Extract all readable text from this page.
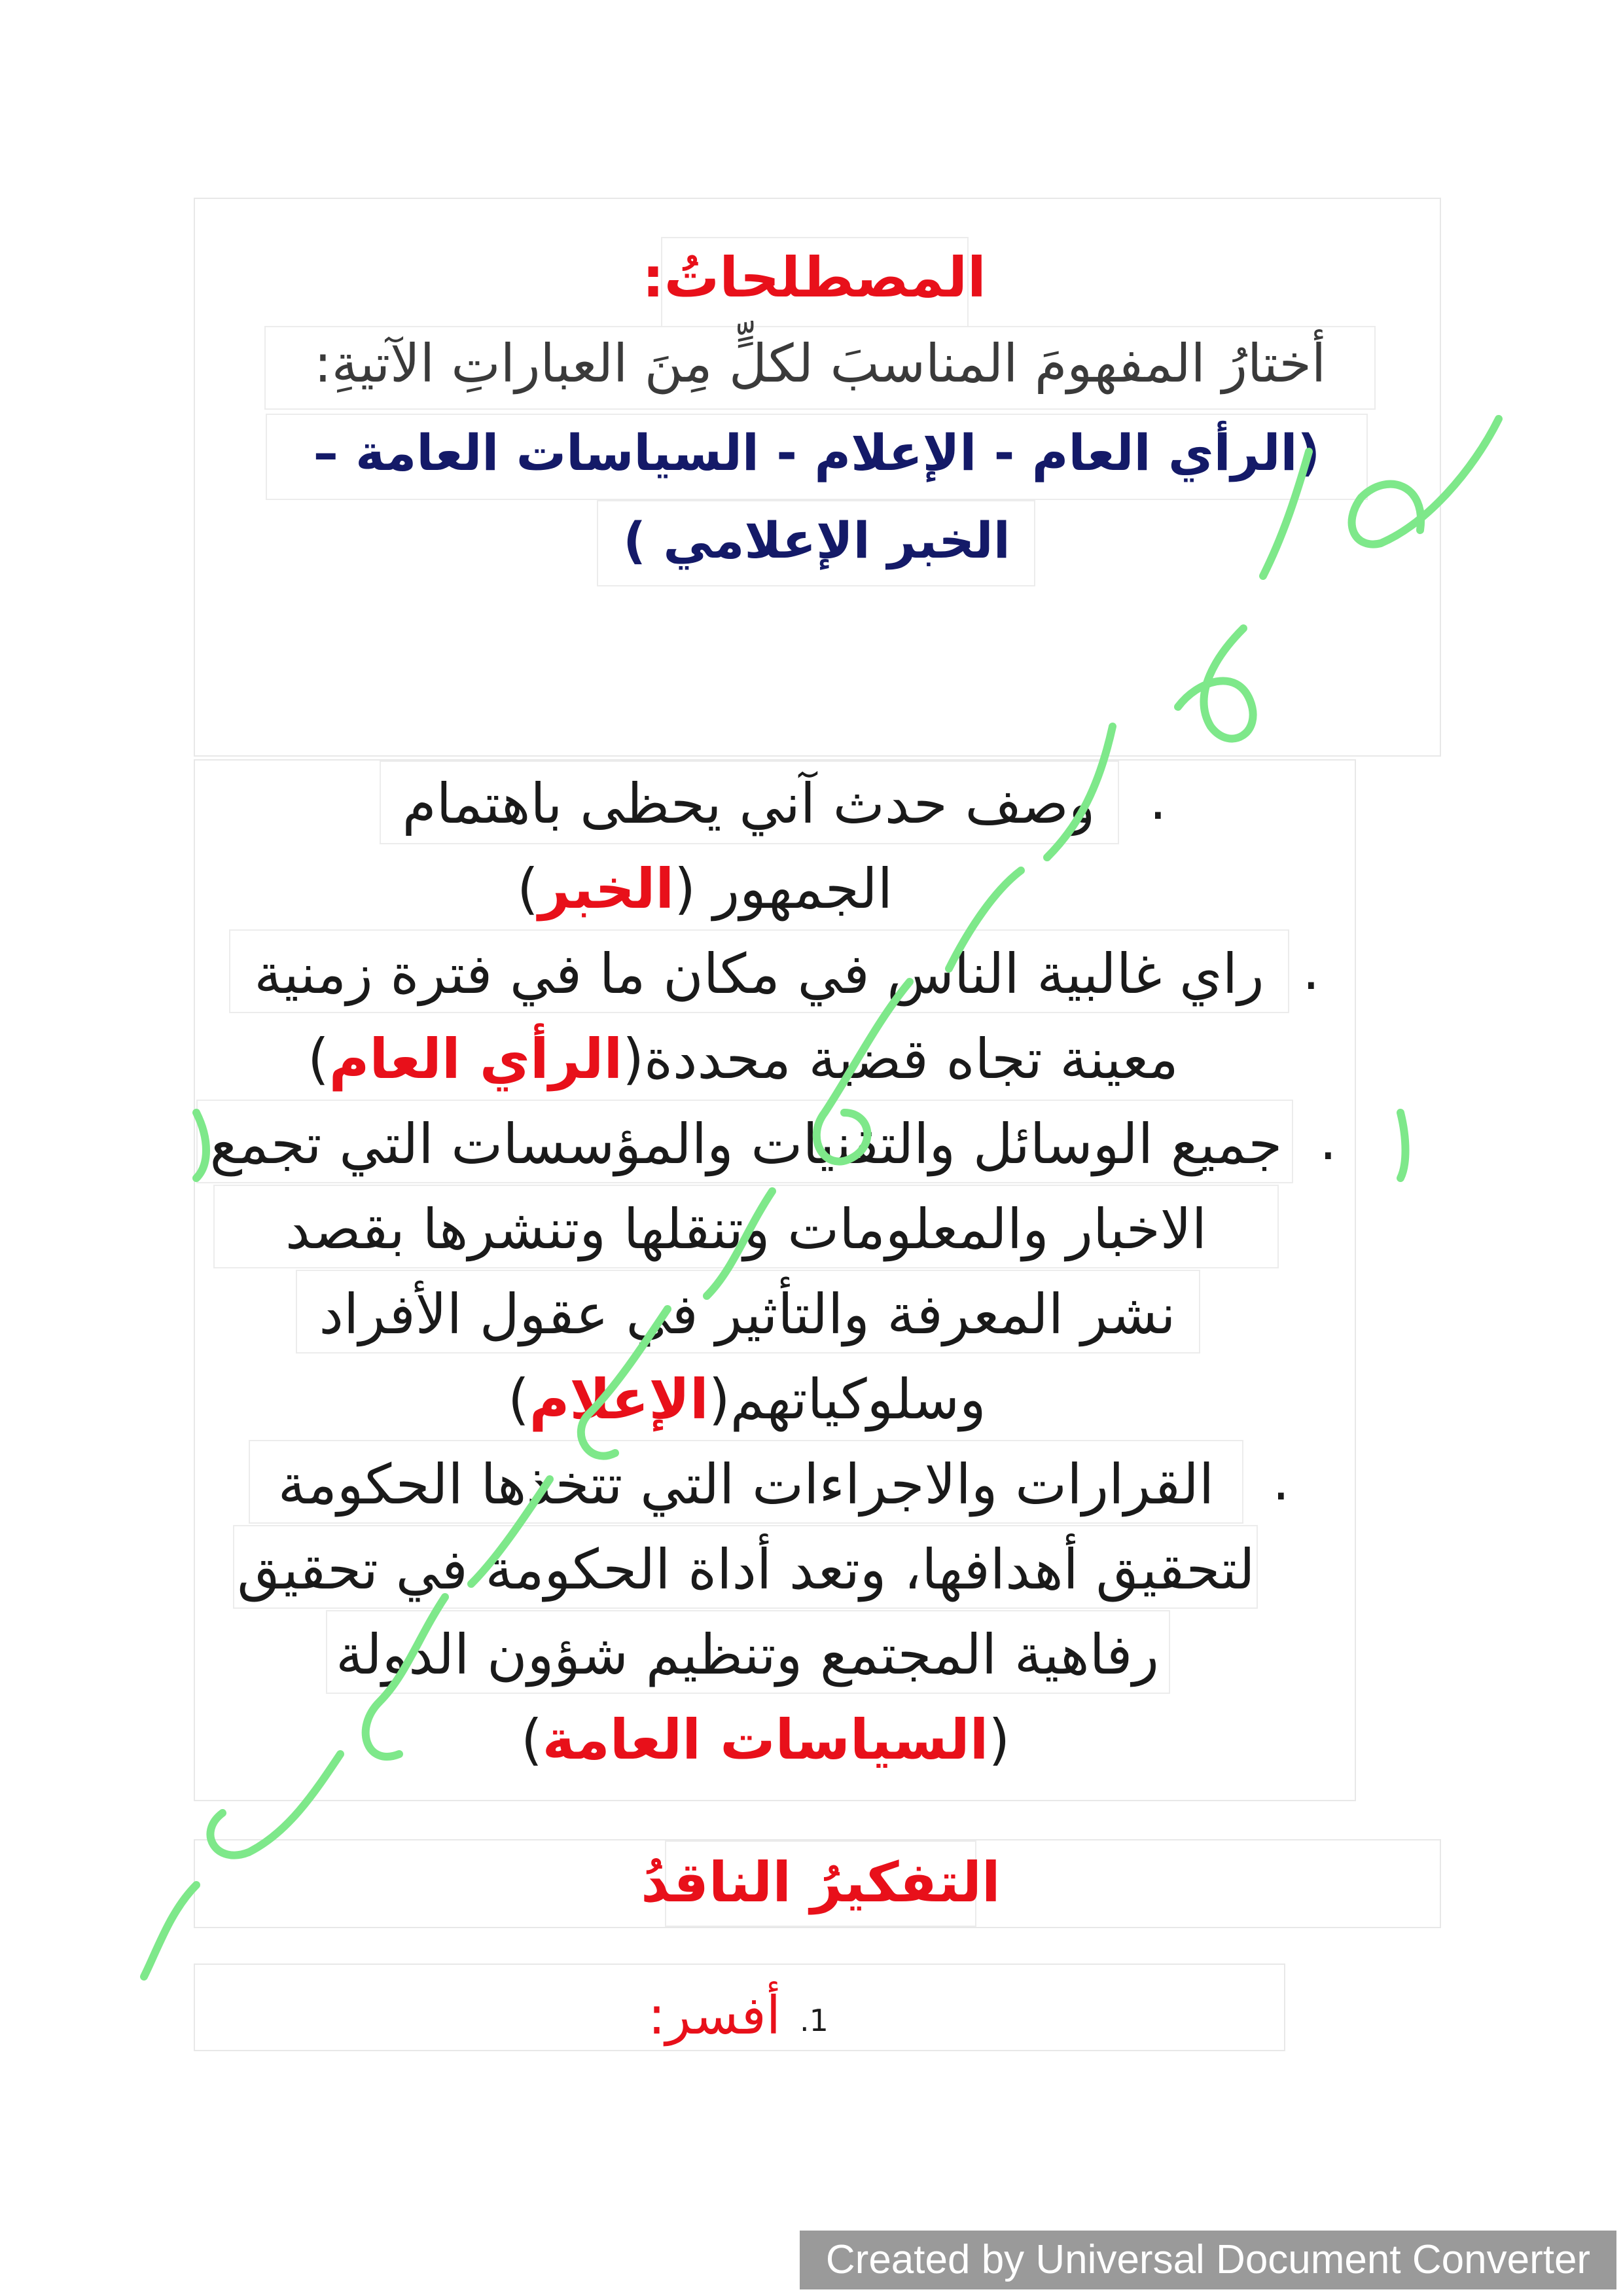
المصطلحاتُ:
أختارُ المفهومَ المناسبَ لكلٍّ مِنَ العباراتِ الآتيةِ:
(الرأي العام - الإعلام - السياسات العامة –
الخبر الإعلامي )
.
وصف حدث آني يحظى باهتمام
الجمهور (الخبر)
.
راي غالبية الناس في مكان ما في فترة زمنية
معينة تجاه قضية محددة(الرأي العام)
.
جميع الوسائل والتقنيات والمؤسسات التي تجمع
الاخبار والمعلومات وتنقلها وتنشرها بقصد
نشر المعرفة والتأثير في عقول الأفراد
وسلوكياتهم(الإعلام)
.
القرارات والاجراءات التي تتخذها الحكومة
لتحقيق أهدافها، وتعد أداة الحكومة في تحقيق
رفاهية المجتمع وتنظيم شؤون الدولة
(السياسات العامة)
التفكيرُ الناقدُ
أفسر: 1.
Created by Universal Document Converter
